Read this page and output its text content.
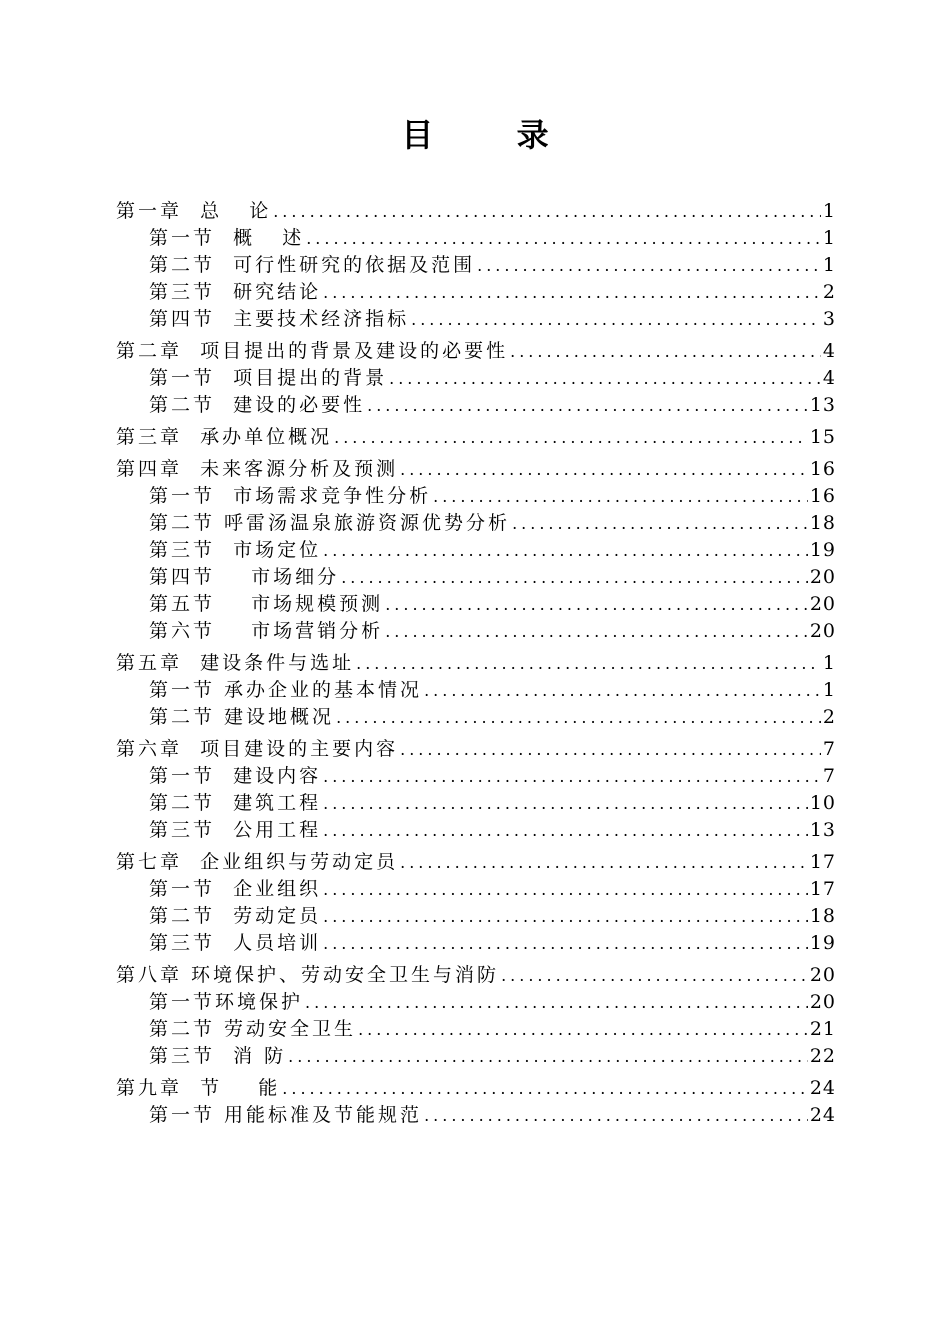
目 录
第一章 总   论 .....	1
第一节 概   述 .....	1
第二节 可行性研究的依据及范围 .....	1
第三节 研究结论 .....	2
第四节 主要技术经济指标 .....	3
第二章 项目提出的背景及建设的必要性 .....	4
第一节 项目提出的背景 .....	4
第二节 建设的必要性 .....	13
第三章 承办单位概况 .....	15
第四章 未来客源分析及预测 .....	16
第一节 市场需求竞争性分析 .....	16
第二节 呼雷汤温泉旅游资源优势分析 .....	18
第三节 市场定位 .....	19
第四节 市场细分 .....	20
第五节 市场规模预测 .....	20
第六节 市场营销分析 .....	20
第五章 建设条件与选址 .....	1
第一节 承办企业的基本情况 .....	1
第二节 建设地概况 .....	2
第六章 项目建设的主要内容 .....	7
第一节 建设内容 .....	7
第二节 建筑工程 .....	10
第三节 公用工程 .....	13
第七章 企业组织与劳动定员 .....	17
第一节 企业组织 .....	17
第二节 劳动定员 .....	18
第三节 人员培训 .....	19
第八章 环境保护、劳动安全卫生与消防 .....	20
第一节 环境保护 .....	20
第二节 劳动安全卫生 .....	21
第三节 消 防 .....	22
第九章 节    能 .....	24
第一节 用能标准及节能规范 .....	24
